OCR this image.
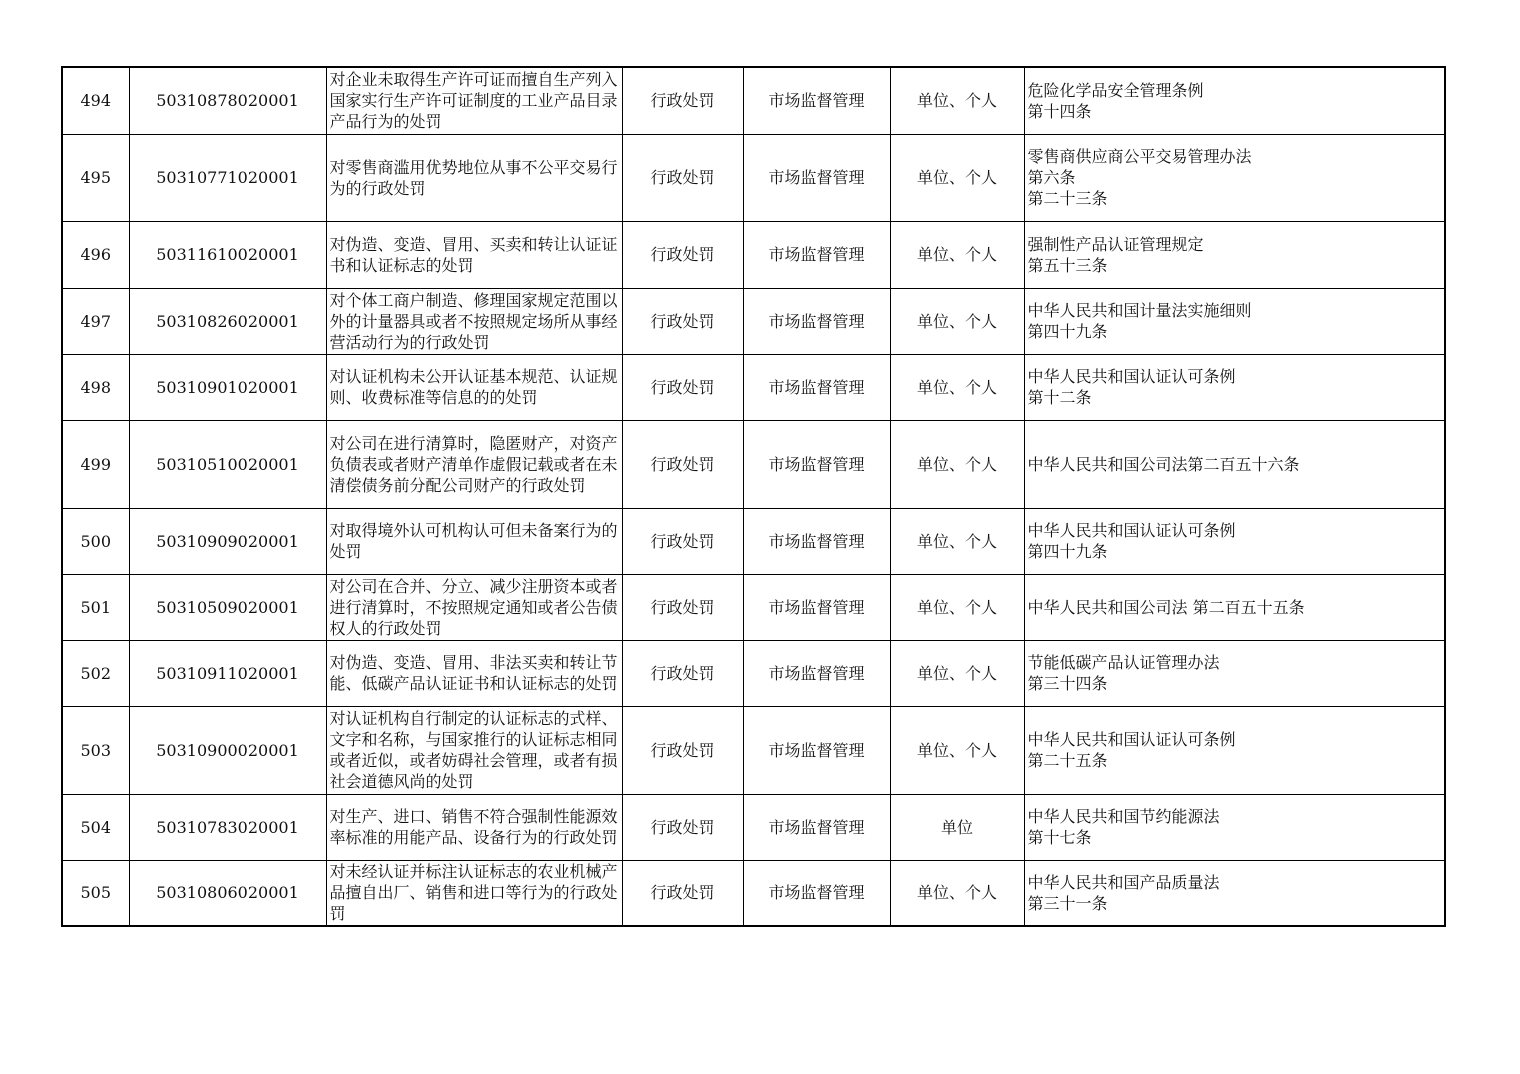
494	50310878020001	对企业未取得生产许可证而擅自生产列入国家实行生产许可证制度的工业产品目录产品行为的处罚	行政处罚	市场监督管理	单位、个人	危险化学品安全管理条例
第十四条
495	50310771020001	对零售商滥用优势地位从事不公平交易行为的行政处罚	行政处罚	市场监督管理	单位、个人	零售商供应商公平交易管理办法
第六条
第二十三条
496	50311610020001	对伪造、变造、冒用、买卖和转让认证证书和认证标志的处罚	行政处罚	市场监督管理	单位、个人	强制性产品认证管理规定
第五十三条
497	50310826020001	对个体工商户制造、修理国家规定范围以外的计量器具或者不按照规定场所从事经营活动行为的行政处罚	行政处罚	市场监督管理	单位、个人	中华人民共和国计量法实施细则
第四十九条
498	50310901020001	对认证机构未公开认证基本规范、认证规则、收费标准等信息的的处罚	行政处罚	市场监督管理	单位、个人	中华人民共和国认证认可条例
第十二条
499	50310510020001	对公司在进行清算时，隐匿财产，对资产负债表或者财产清单作虚假记载或者在未清偿债务前分配公司财产的行政处罚	行政处罚	市场监督管理	单位、个人	中华人民共和国公司法第二百五十六条
500	50310909020001	对取得境外认可机构认可但未备案行为的处罚	行政处罚	市场监督管理	单位、个人	中华人民共和国认证认可条例
第四十九条
501	50310509020001	对公司在合并、分立、减少注册资本或者进行清算时，不按照规定通知或者公告债权人的行政处罚	行政处罚	市场监督管理	单位、个人	中华人民共和国公司法 第二百五十五条
502	50310911020001	对伪造、变造、冒用、非法买卖和转让节能、低碳产品认证证书和认证标志的处罚	行政处罚	市场监督管理	单位、个人	节能低碳产品认证管理办法
第三十四条
503	50310900020001	对认证机构自行制定的认证标志的式样、文字和名称，与国家推行的认证标志相同或者近似，或者妨碍社会管理，或者有损社会道德风尚的处罚	行政处罚	市场监督管理	单位、个人	中华人民共和国认证认可条例
第二十五条
504	50310783020001	对生产、进口、销售不符合强制性能源效率标准的用能产品、设备行为的行政处罚	行政处罚	市场监督管理	单位	中华人民共和国节约能源法
第十七条
505	50310806020001	对未经认证并标注认证标志的农业机械产品擅自出厂、销售和进口等行为的行政处罚	行政处罚	市场监督管理	单位、个人	中华人民共和国产品质量法
第三十一条
